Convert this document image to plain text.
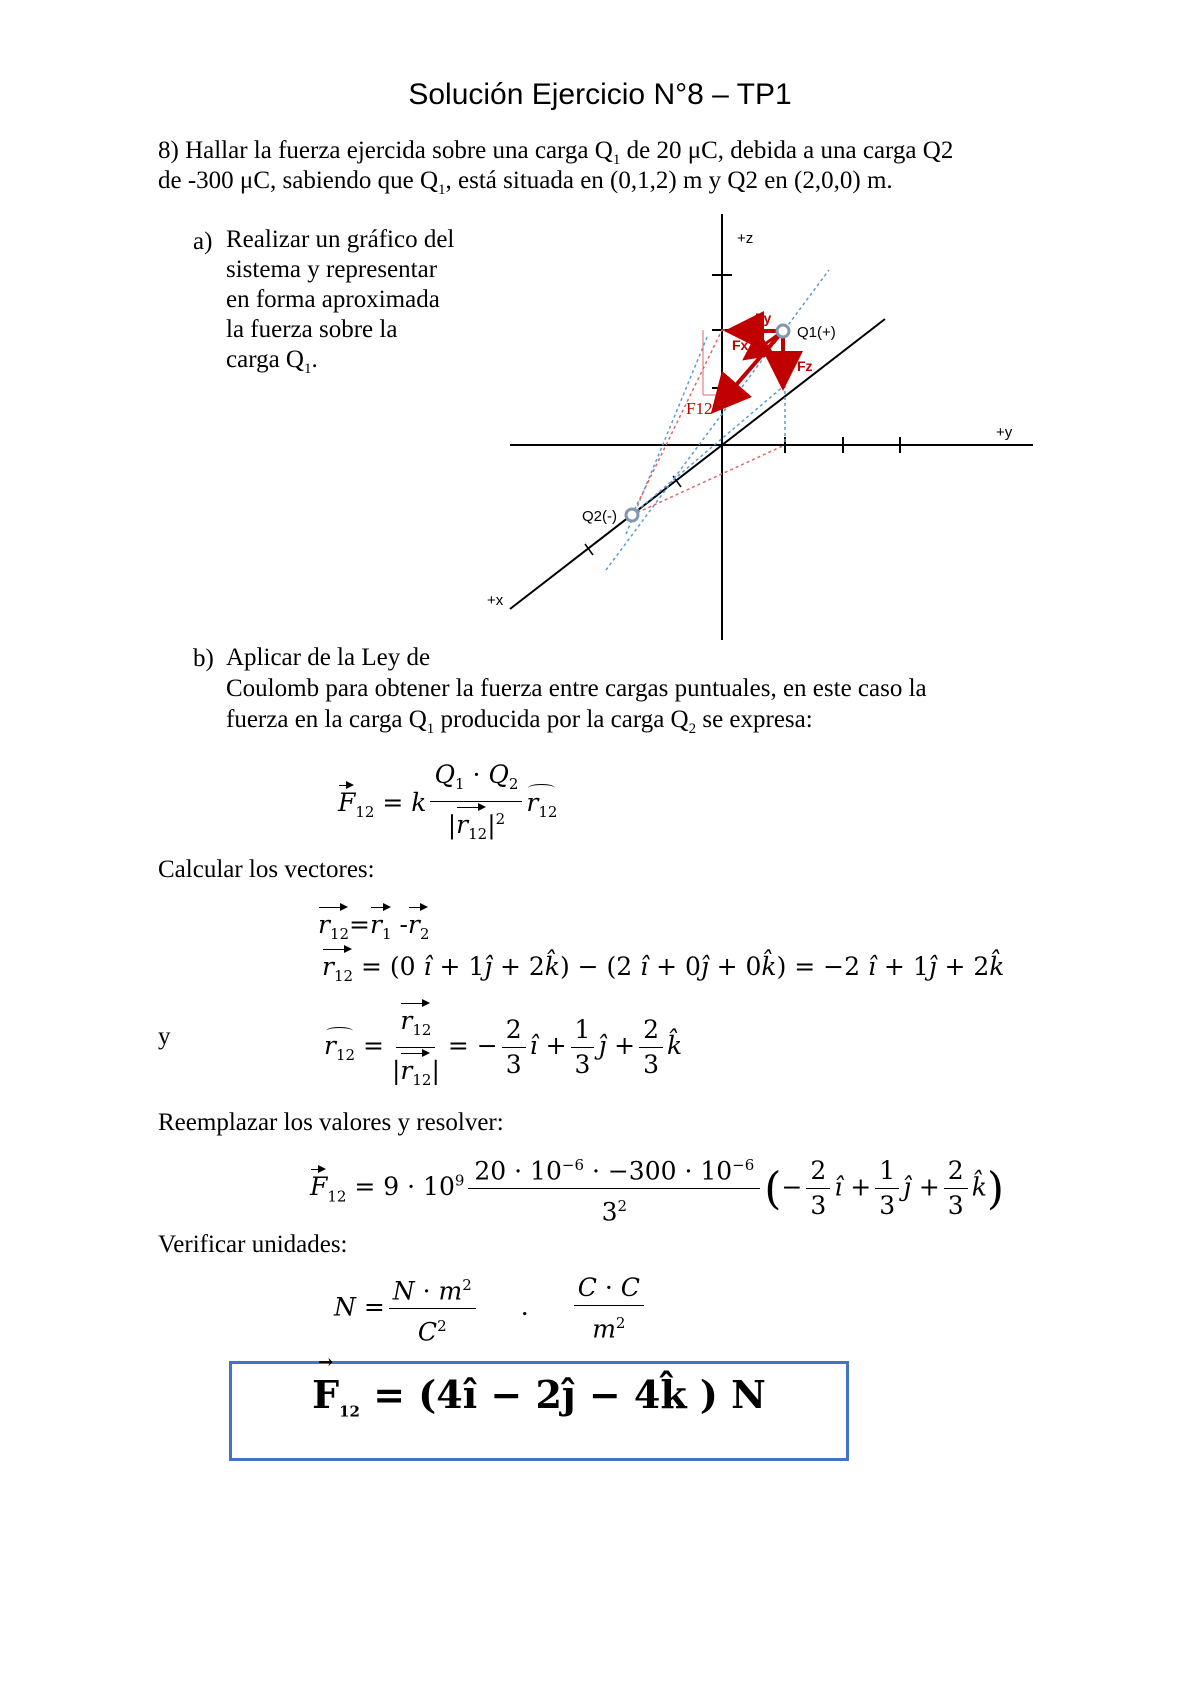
Solución Ejercicio N°8 – TP1
8) Hallar la fuerza ejercida sobre una carga $Q_1$ de 20 μC, debida a una carga Q2
de -300 μC, sabiendo que $Q_1$, está situada en (0,1,2) m y Q2 en (2,0,0) m.
a) Realizar un gráfico del
sistema y representar
en forma aproximada
la fuerza sobre la
carga $Q_1$.
+z
+y
+x
Q1(+)
Q2(-)
Fy
Fx
Fz
F12
b) Aplicar de la Ley de
Coulomb para obtener la fuerza entre cargas puntuales, en este caso la
fuerza en la carga $Q_1$ producida por la carga $Q_2$ se expresa:
$F_{12} = k \frac{Q_1 \cdot Q_2}{|r_{12}|^2} r_{12}$
Calcular los vectores:
$r_{12}=r_1$ $-r_2$
$r_{12} = (0$ ı̂ + 1ȷ̂ + 2k̂) − (2 ı̂ + 0ȷ̂ + 0k̂) = −2 ı̂ + 1ȷ̂ + 2k̂
y	$r_{12} = \frac{r_{12}}{|r_{12}|}$ = − $\frac{2}{3}$ ı̂ + $\frac{1}{3}$ ȷ̂ + $\frac{2}{3}$ k̂
Reemplazar los valores y resolver:
$F_{12} = 9 \cdot 10^9 \frac{20 \cdot 10^{-6} \cdot -300 \cdot 10^{-6}}{3^2}$ (− $\frac{2}{3}$ ı̂ + $\frac{1}{3}$ ȷ̂ + $\frac{2}{3}$ k̂)
Verificar unidades:
$N = \frac{N \cdot m^2}{C^2}$ . $\frac{C \cdot C}{m^2}$
→ $F_{12}$ = (4î − 2ĵ − 4k̂ ) N
